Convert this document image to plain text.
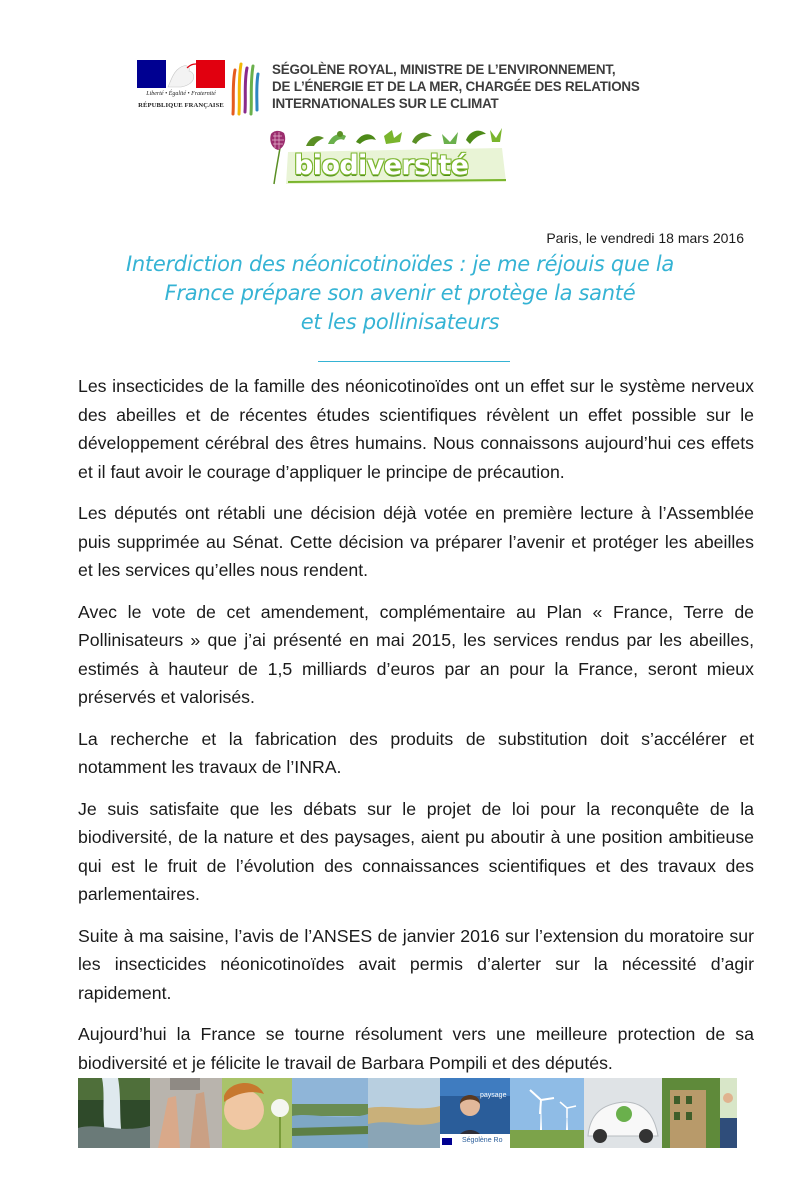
Liberté • Égalité • Fraternité
RÉPUBLIQUE FRANÇAISE
SÉGOLÈNE ROYAL, MINISTRE DE L’ENVIRONNEMENT,
DE L’ÉNERGIE ET DE LA MER, CHARGÉE DES RELATIONS
INTERNATIONALES SUR LE CLIMAT
biodiversité
Paris, le vendredi 18 mars 2016
Interdiction des néonicotinoïdes : je me réjouis que la
France prépare son avenir et protège la santé
et les pollinisateurs

Les insecticides de la famille des néonicotinoïdes ont un effet sur le système nerveux des abeilles et de récentes études scientifiques révèlent un effet possible sur le développement cérébral des êtres humains. Nous connaissons aujourd’hui ces effets et il faut avoir le courage d’appliquer le principe de précaution.

Les députés ont rétabli une décision déjà votée en première lecture à l’Assemblée puis supprimée au Sénat. Cette décision va préparer l’avenir et protéger les abeilles et les services qu’elles nous rendent.

Avec le vote de cet amendement, complémentaire au Plan « France, Terre de Pollinisateurs » que j’ai présenté en mai 2015, les services rendus par les abeilles, estimés à hauteur de 1,5 milliards d’euros par an pour la France, seront mieux préservés et valorisés.

La recherche et la fabrication des produits de substitution doit s’accélérer et notamment les travaux de l’INRA.

Je suis satisfaite que les débats sur le projet de loi pour la reconquête de la biodiversité, de la nature et des paysages, aient pu aboutir à une position ambitieuse qui est le fruit de l’évolution des connaissances scientifiques et des travaux des parlementaires.

Suite à ma saisine, l’avis de l’ANSES de janvier 2016 sur l’extension du moratoire sur les insecticides néonicotinoïdes avait permis d’alerter sur la nécessité d’agir rapidement.

Aujourd’hui la France se tourne résolument vers une meilleure protection de sa biodiversité et je félicite le travail de Barbara Pompili et des députés.

paysage
Ségolène Ro
